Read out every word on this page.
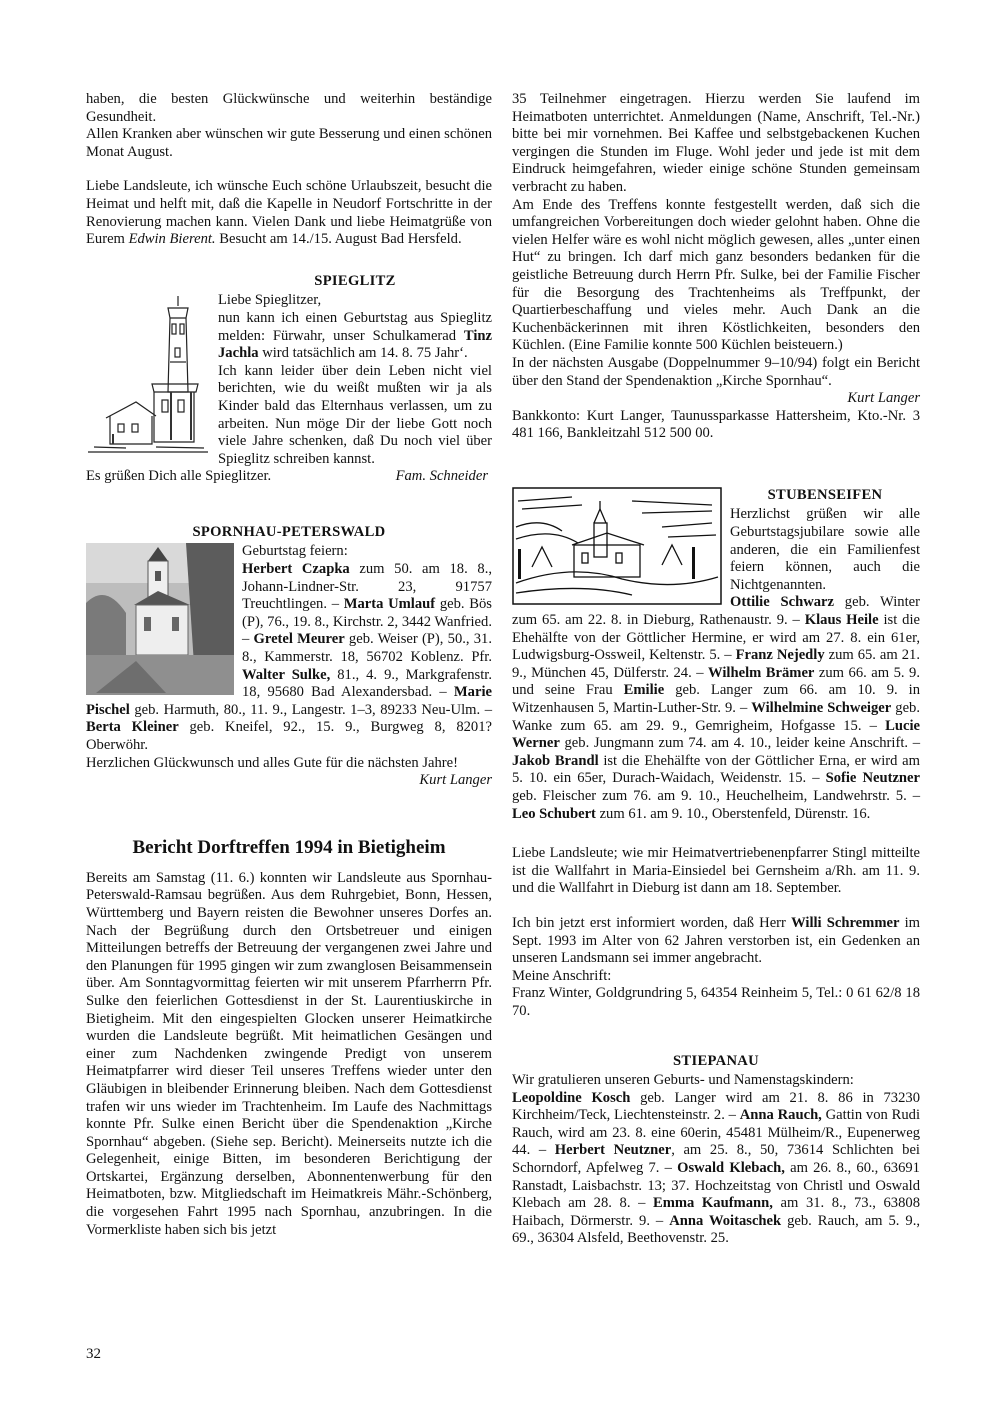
haben, die besten Glückwünsche und weiterhin beständige Gesundheit.

Allen Kranken aber wünschen wir gute Besserung und einen schönen Monat August.

Liebe Landsleute, ich wünsche Euch schöne Urlaubszeit, besucht die Heimat und helft mit, daß die Kapelle in Neudorf Fortschritte in der Renovierung machen kann. Vielen Dank und liebe Heimatgrüße von Eurem Edwin Bierent. Besucht am 14./15. August Bad Hersfeld.

SPIEGLITZ

Liebe Spieglitzer,

nun kann ich einen Geburtstag aus Spieglitz melden: Fürwahr, unser Schulkamerad Tinz Jachla wird tatsächlich am 14. 8. 75 Jahr‘.

Ich kann leider über dein Leben nicht viel berichten, wie du weißt mußten wir ja als Kinder bald das Elternhaus verlassen, um zu arbeiten. Nun möge Dir der liebe Gott noch viele Jahre schenken, daß Du noch viel über Spieglitz schreiben kannst.

Es grüßen Dich alle Spieglitzer.	Fam. Schneider
SPORNHAU-PETERSWALD

Geburtstag feiern:

Herbert Czapka zum 50. am 18. 8., Johann-Lindner-Str. 23, 91757 Treuchtlingen. – Marta Umlauf geb. Bös (P), 76., 19. 8., Kirchstr. 2, 3442 Wanfried. – Gretel Meurer geb. Weiser (P), 50., 31. 8., Kammerstr. 18, 56702 Koblenz. Pfr. Walter Sulke, 81., 4. 9., Markgrafenstr. 18, 95680 Bad Alexandersbad. – Marie Pischel geb. Harmuth, 80., 11. 9., Langestr. 1–3, 89233 Neu-Ulm. – Berta Kleiner geb. Kneifel, 92., 15. 9., Burgweg 8, 8201? Oberwöhr.

Herzlichen Glückwunsch und alles Gute für die nächsten Jahre!

Kurt Langer
Bericht Dorftreffen 1994 in Bietigheim

Bereits am Samstag (11. 6.) konnten wir Landsleute aus Spornhau-Peterswald-Ramsau begrüßen. Aus dem Ruhrgebiet, Bonn, Hessen, Württemberg und Bayern reisten die Bewohner unseres Dorfes an. Nach der Begrüßung durch den Ortsbetreuer und einigen Mitteilungen betreffs der Betreuung der vergangenen zwei Jahre und den Planungen für 1995 gingen wir zum zwanglosen Beisammensein über. Am Sonntagvormittag feierten wir mit unserem Pfarrherrn Pfr. Sulke den feierlichen Gottesdienst in der St. Laurentiuskirche in Bietigheim. Mit den eingespielten Glocken unserer Heimatkirche wurden die Landsleute begrüßt. Mit heimatlichen Gesängen und einer zum Nachdenken zwingende Predigt von unserem Heimatpfarrer wird dieser Teil unseres Treffens wieder unter den Gläubigen in bleibender Erinnerung bleiben. Nach dem Gottesdienst trafen wir uns wieder im Trachtenheim. Im Laufe des Nachmittags konnte Pfr. Sulke einen Bericht über die Spendenaktion „Kirche Spornhau“ abgeben. (Siehe sep. Bericht). Meinerseits nutzte ich die Gelegenheit, einige Bitten, im besonderen Berichtigung der Ortskartei, Ergänzung derselben, Abonnentenwerbung für den Heimatboten, bzw. Mitgliedschaft im Heimatkreis Mähr.-Schönberg, die vorgesehen Fahrt 1995 nach Spornhau, anzubringen. In die Vormerkliste haben sich bis jetzt

35 Teilnehmer eingetragen. Hierzu werden Sie laufend im Heimatboten unterrichtet. Anmeldungen (Name, Anschrift, Tel.-Nr.) bitte bei mir vornehmen. Bei Kaffee und selbstgebackenen Kuchen vergingen die Stunden im Fluge. Wohl jeder und jede ist mit dem Eindruck heimgefahren, wieder einige schöne Stunden gemeinsam verbracht zu haben.

Am Ende des Treffens konnte festgestellt werden, daß sich die umfangreichen Vorbereitungen doch wieder gelohnt haben. Ohne die vielen Helfer wäre es wohl nicht möglich gewesen, alles „unter einen Hut“ zu bringen. Ich darf mich ganz besonders bedanken für die geistliche Betreuung durch Herrn Pfr. Sulke, bei der Familie Fischer für die Besorgung des Trachtenheims als Treffpunkt, der Quartierbeschaffung und vieles mehr. Auch Dank an die Kuchenbäckerinnen mit ihren Köstlichkeiten, besonders den Küchlen. (Eine Familie konnte 500 Küchlen beisteuern.)

In der nächsten Ausgabe (Doppelnummer 9–10/94) folgt ein Bericht über den Stand der Spendenaktion „Kirche Spornhau“.

Kurt Langer

Bankkonto: Kurt Langer, Taunussparkasse Hattersheim, Kto.-Nr. 3 481 166, Bankleitzahl 512 500 00.

STUBENSEIFEN

Herzlichst grüßen wir alle Geburtstagsjubilare sowie alle anderen, die ein Familienfest feiern können, auch die Nichtgenannten.

Ottilie Schwarz geb. Winter zum 65. am 22. 8. in Dieburg, Rathenaustr. 9. – Klaus Heile ist die Ehehälfte von der Göttlicher Hermine, er wird am 27. 8. ein 61er, Ludwigsburg-Ossweil, Keltenstr. 5. – Franz Nejedly zum 65. am 21. 9., München 45, Dülferstr. 24. – Wilhelm Brämer zum 66. am 5. 9. und seine Frau Emilie geb. Langer zum 66. am 10. 9. in Witzenhausen 5, Martin-Luther-Str. 9. – Wilhelmine Schweiger geb. Wanke zum 65. am 29. 9., Gemrigheim, Hofgasse 15. – Lucie Werner geb. Jungmann zum 74. am 4. 10., leider keine Anschrift. – Jakob Brandl ist die Ehehälfte von der Göttlicher Erna, er wird am 5. 10. ein 65er, Durach-Waidach, Weidenstr. 15. – Sofie Neutzner geb. Fleischer zum 76. am 9. 10., Heuchelheim, Landwehrstr. 5. – Leo Schubert zum 61. am 9. 10., Oberstenfeld, Dürenstr. 16.

Liebe Landsleute; wie mir Heimatvertriebenenpfarrer Stingl mitteilte ist die Wallfahrt in Maria-Einsiedel bei Gernsheim a/Rh. am 11. 9. und die Wallfahrt in Dieburg ist dann am 18. September.

Ich bin jetzt erst informiert worden, daß Herr Willi Schremmer im Sept. 1993 im Alter von 62 Jahren verstorben ist, ein Gedenken an unseren Landsmann sei immer angebracht.

Meine Anschrift:

Franz Winter, Goldgrundring 5, 64354 Reinheim 5, Tel.: 0 61 62/8 18 70.

STIEPANAU

Wir gratulieren unseren Geburts- und Namenstagskindern:

Leopoldine Kosch geb. Langer wird am 21. 8. 86 in 73230 Kirchheim/Teck, Liechtensteinstr. 2. – Anna Rauch, Gattin von Rudi Rauch, wird am 23. 8. eine 60erin, 45481 Mülheim/R., Eupenerweg 44. – Herbert Neutzner, am 25. 8., 50, 73614 Schlichten bei Schorndorf, Apfelweg 7. – Oswald Klebach, am 26. 8., 60., 63691 Ranstadt, Laisbachstr. 13; 37. Hochzeitstag von Christl und Oswald Klebach am 28. 8. – Emma Kaufmann, am 31. 8., 73., 63808 Haibach, Dörmerstr. 9. – Anna Woitaschek geb. Rauch, am 5. 9., 69., 36304 Alsfeld, Beethovenstr. 25.

32
